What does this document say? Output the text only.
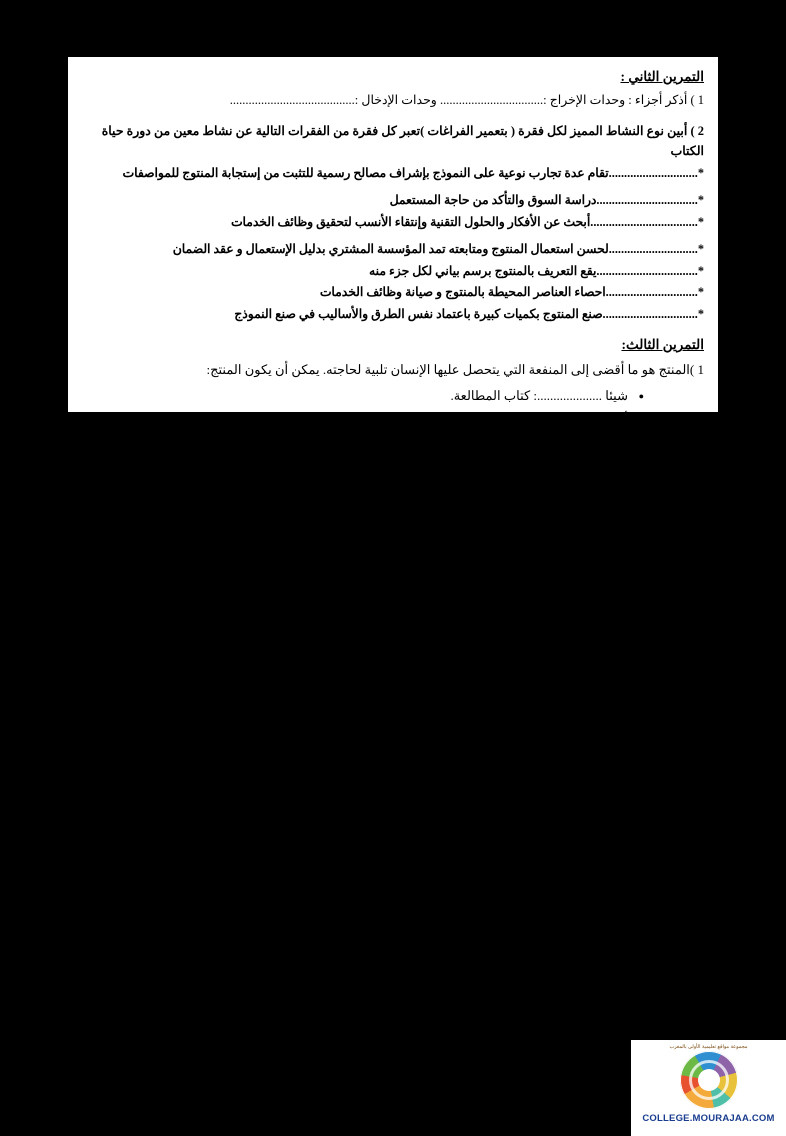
التمرين الثاني :
1 ) أذكر أجزاء : وحدات الإخراج :................................. وحدات الإدخال :........................................
2 ) أبين نوع النشاط المميز لكل فقرة ( بتعمير الفراغات )تعبر كل فقرة من الفقرات التالية عن نشاط معين من دورة حياة الكتاب
*.............................تقام عدة تجارب نوعية على النموذج بإشراف مصالح رسمية للتثبت من إستجابة المنتوج للمواصفات
*.................................دراسة السوق والتأكد من حاجة المستعمل
*...................................أبحث عن الأفكار والحلول التقنية وإنتقاء الأنسب لتحقيق وظائف الخدمات
*.............................لحسن استعمال المنتوج ومتابعته تمد المؤسسة المشتري بدليل الإستعمال و عقد الضمان
*.................................يقع التعريف بالمنتوج برسم بياني لكل جزء منه
*..............................احصاء العناصر المحيطة بالمنتوج و صيانة وظائف الخدمات
*...............................صنع المنتوج بكميات كبيرة باعتماد نفس الطرق والأساليب في صنع النموذج
التمرين الثالث:
1 )المنتج هو ما أقضى إلى المنفعة التي يتحصل عليها الإنسان تلبية لحاجته. يمكن أن يكون المنتج:
● شيئا ....................: كتاب المطالعة.
● أو ..... ....................: تصفيف الشعر.
مجموعة مواقع تعليمية الأولى بالمغرب
COLLEGE.MOURAJAA.COM
